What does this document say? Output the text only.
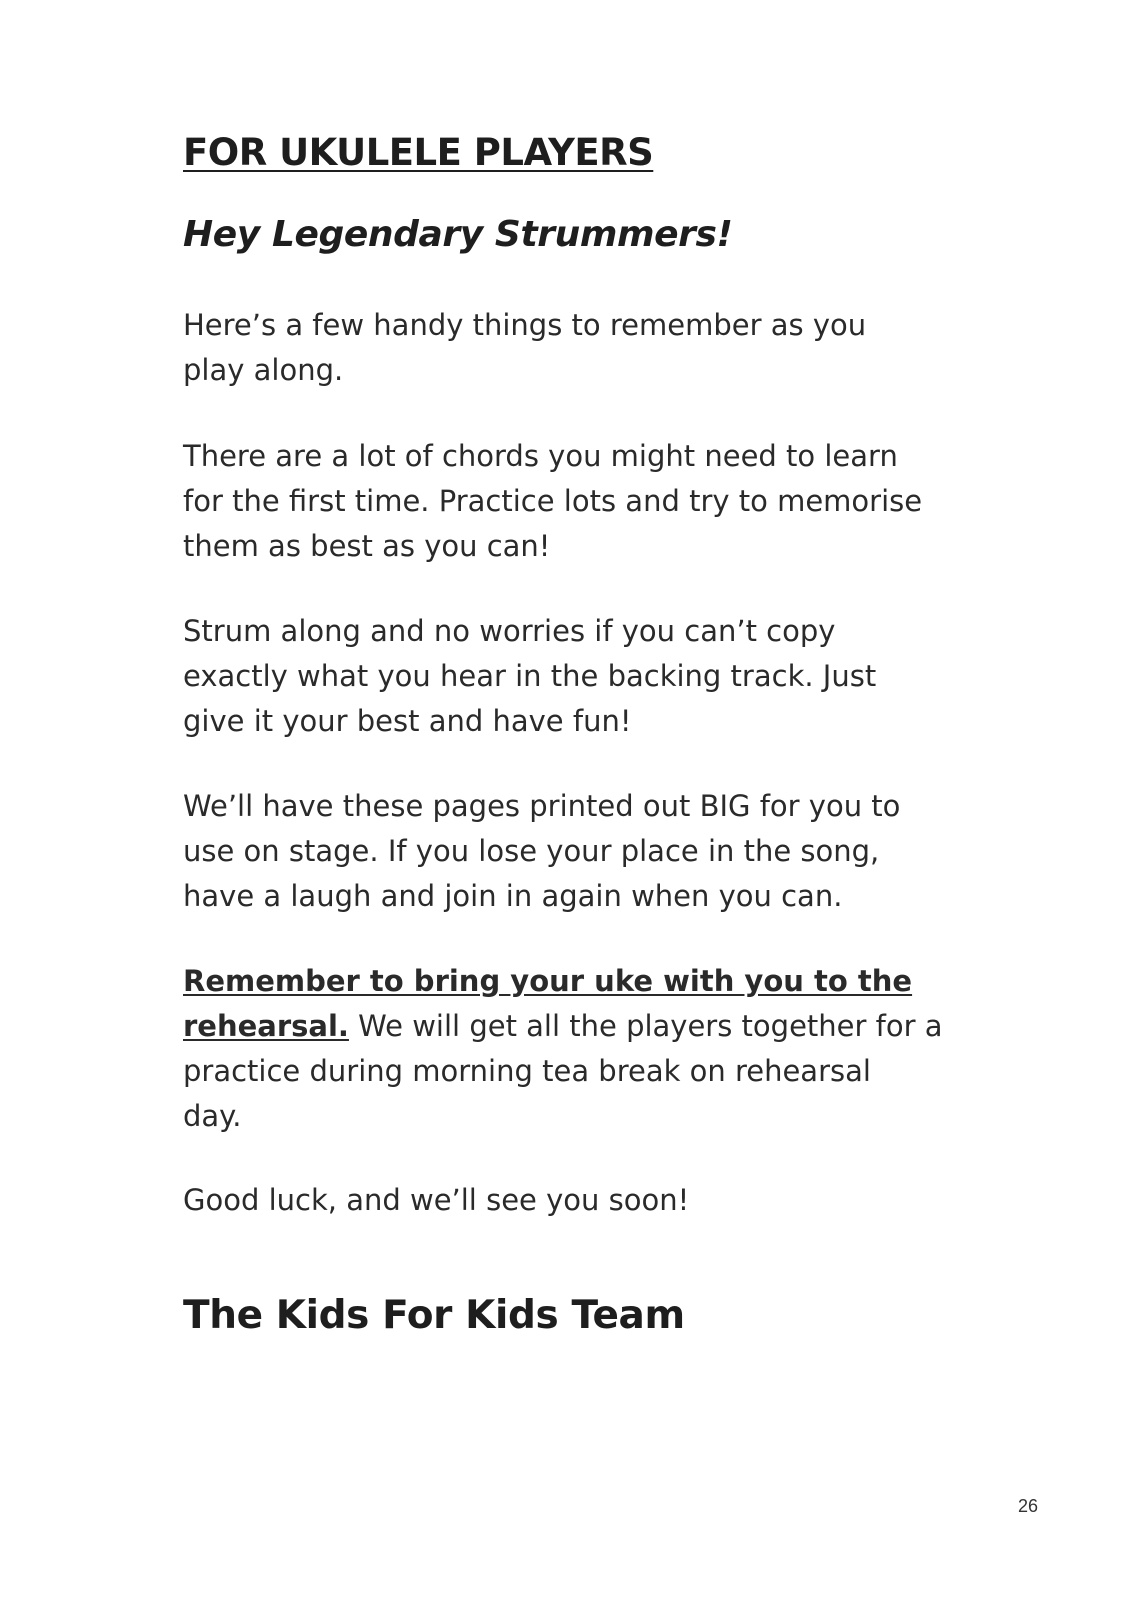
FOR UKULELE PLAYERS
Hey Legendary Strummers!

Here’s a few handy things to remember as you
play along.

There are a lot of chords you might need to learn
for the first time. Practice lots and try to memorise
them as best as you can!

Strum along and no worries if you can’t copy
exactly what you hear in the backing track. Just
give it your best and have fun!

We’ll have these pages printed out BIG for you to
use on stage. If you lose your place in the song,
have a laugh and join in again when you can.

Remember to bring your uke with you to the
rehearsal. We will get all the players together for a
practice during morning tea break on rehearsal
day.

Good luck, and we’ll see you soon!

The Kids For Kids Team
26
